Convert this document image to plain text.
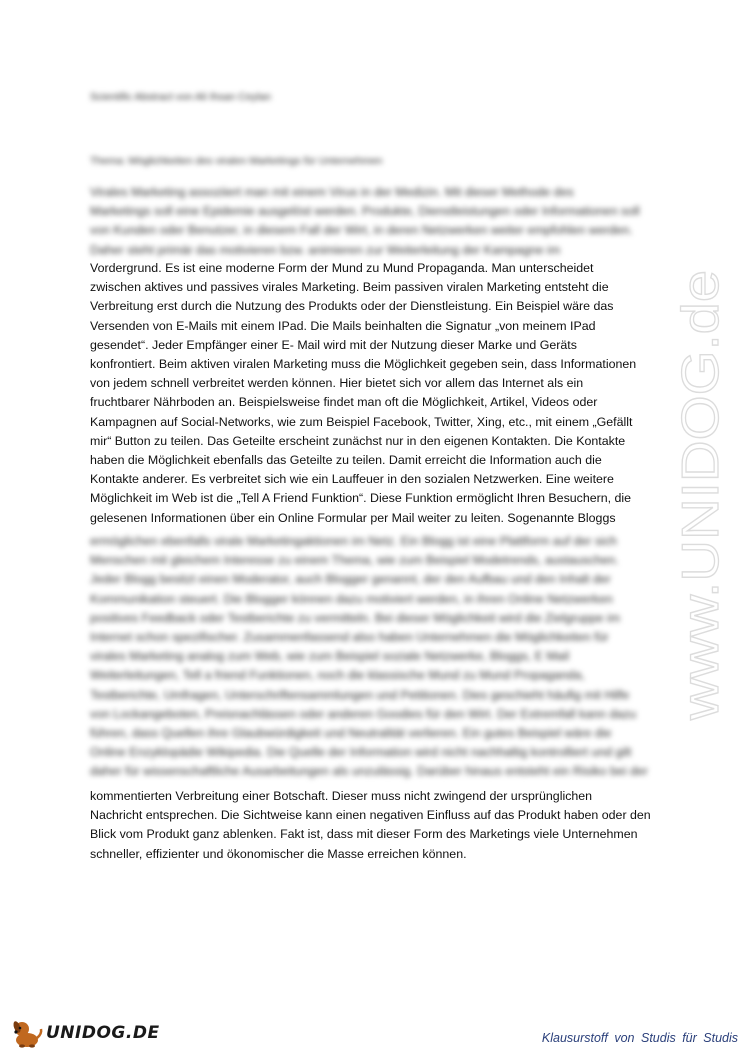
Scientific Abstract von Ali Ihsan Ceylan
Thema: Möglichkeiten des viralen Marketings für Unternehmen
Virales Marketing assoziiert man mit einem Virus in der Medizin. Mit dieser Methode des
Marketings soll eine Epidemie ausgelöst werden. Produkte, Dienstleistungen oder Informationen soll
von Kunden oder Benutzer, in diesem Fall der Wirt, in deren Netzwerken weiter empfohlen werden.
Daher steht primär das motivieren bzw. animieren zur Weiterleitung der Kampagne im
Vordergrund. Es ist eine moderne Form der Mund zu Mund Propaganda. Man unterscheidet
zwischen aktives und passives virales Marketing. Beim passiven viralen Marketing entsteht die
Verbreitung erst durch die Nutzung des Produkts oder der Dienstleistung. Ein Beispiel wäre das
Versenden von E-Mails mit einem IPad. Die Mails beinhalten die Signatur „von meinem IPad
gesendet“. Jeder Empfänger einer E- Mail wird mit der Nutzung dieser Marke und Geräts
konfrontiert. Beim aktiven viralen Marketing muss die Möglichkeit gegeben sein, dass Informationen
von jedem schnell verbreitet werden können. Hier bietet sich vor allem das Internet als ein
fruchtbarer Nährboden an. Beispielsweise findet man oft die Möglichkeit, Artikel, Videos oder
Kampagnen auf Social-Networks, wie zum Beispiel Facebook, Twitter, Xing, etc., mit einem „Gefällt
mir“ Button zu teilen. Das Geteilte erscheint zunächst nur in den eigenen Kontakten. Die Kontakte
haben die Möglichkeit ebenfalls das Geteilte zu teilen. Damit erreicht die Information auch die
Kontakte anderer. Es verbreitet sich wie ein Lauffeuer in den sozialen Netzwerken. Eine weitere
Möglichkeit im Web ist die „Tell A Friend Funktion“. Diese Funktion ermöglicht Ihren Besuchern, die
gelesenen Informationen über ein Online Formular per Mail weiter zu leiten. Sogenannte Bloggs
ermöglichen ebenfalls virale Marketingaktionen im Netz. Ein Blogg ist eine Plattform auf der sich
Menschen mit gleichem Interesse zu einem Thema, wie zum Beispiel Modetrends, austauschen.
Jeder Blogg besitzt einen Moderator, auch Blogger genannt, der den Aufbau und den Inhalt der
Kommunikation steuert. Die Blogger können dazu motiviert werden, in ihren Online Netzwerken
positives Feedback oder Testberichte zu vermitteln. Bei dieser Möglichkeit wird die Zielgruppe im
Internet schon spezifischer. Zusammenfassend also haben Unternehmen die Möglichkeiten für
virales Marketing analog zum Web, wie zum Beispiel soziale Netzwerke, Bloggs, E Mail
Weiterleitungen, Tell a friend Funktionen, noch die klassische Mund zu Mund Propaganda,
Testberichte, Umfragen, Unterschriftensammlungen und Petitionen. Dies geschieht häufig mit Hilfe
von Lockangeboten, Preisnachlässen oder anderen Goodies für den Wirt. Der Extremfall kann dazu
führen, dass Quellen ihre Glaubwürdigkeit und Neutralität verlieren. Ein gutes Beispiel wäre die
Online Enzyklopädie Wikipedia. Die Quelle der Information wird nicht nachhaltig kontrolliert und gilt
daher für wissenschaftliche Ausarbeitungen als unzulässig. Darüber hinaus entsteht ein Risiko bei der
kommentierten Verbreitung einer Botschaft. Dieser muss nicht zwingend der ursprünglichen
Nachricht entsprechen. Die Sichtweise kann einen negativen Einfluss auf das Produkt haben oder den
Blick vom Produkt ganz ablenken. Fakt ist, dass mit dieser Form des Marketings viele Unternehmen
schneller, effizienter und ökonomischer die Masse erreichen können.
www.UNIDOG.de
UNIDOG.DE	Klausurstoff von Studis für Studis
